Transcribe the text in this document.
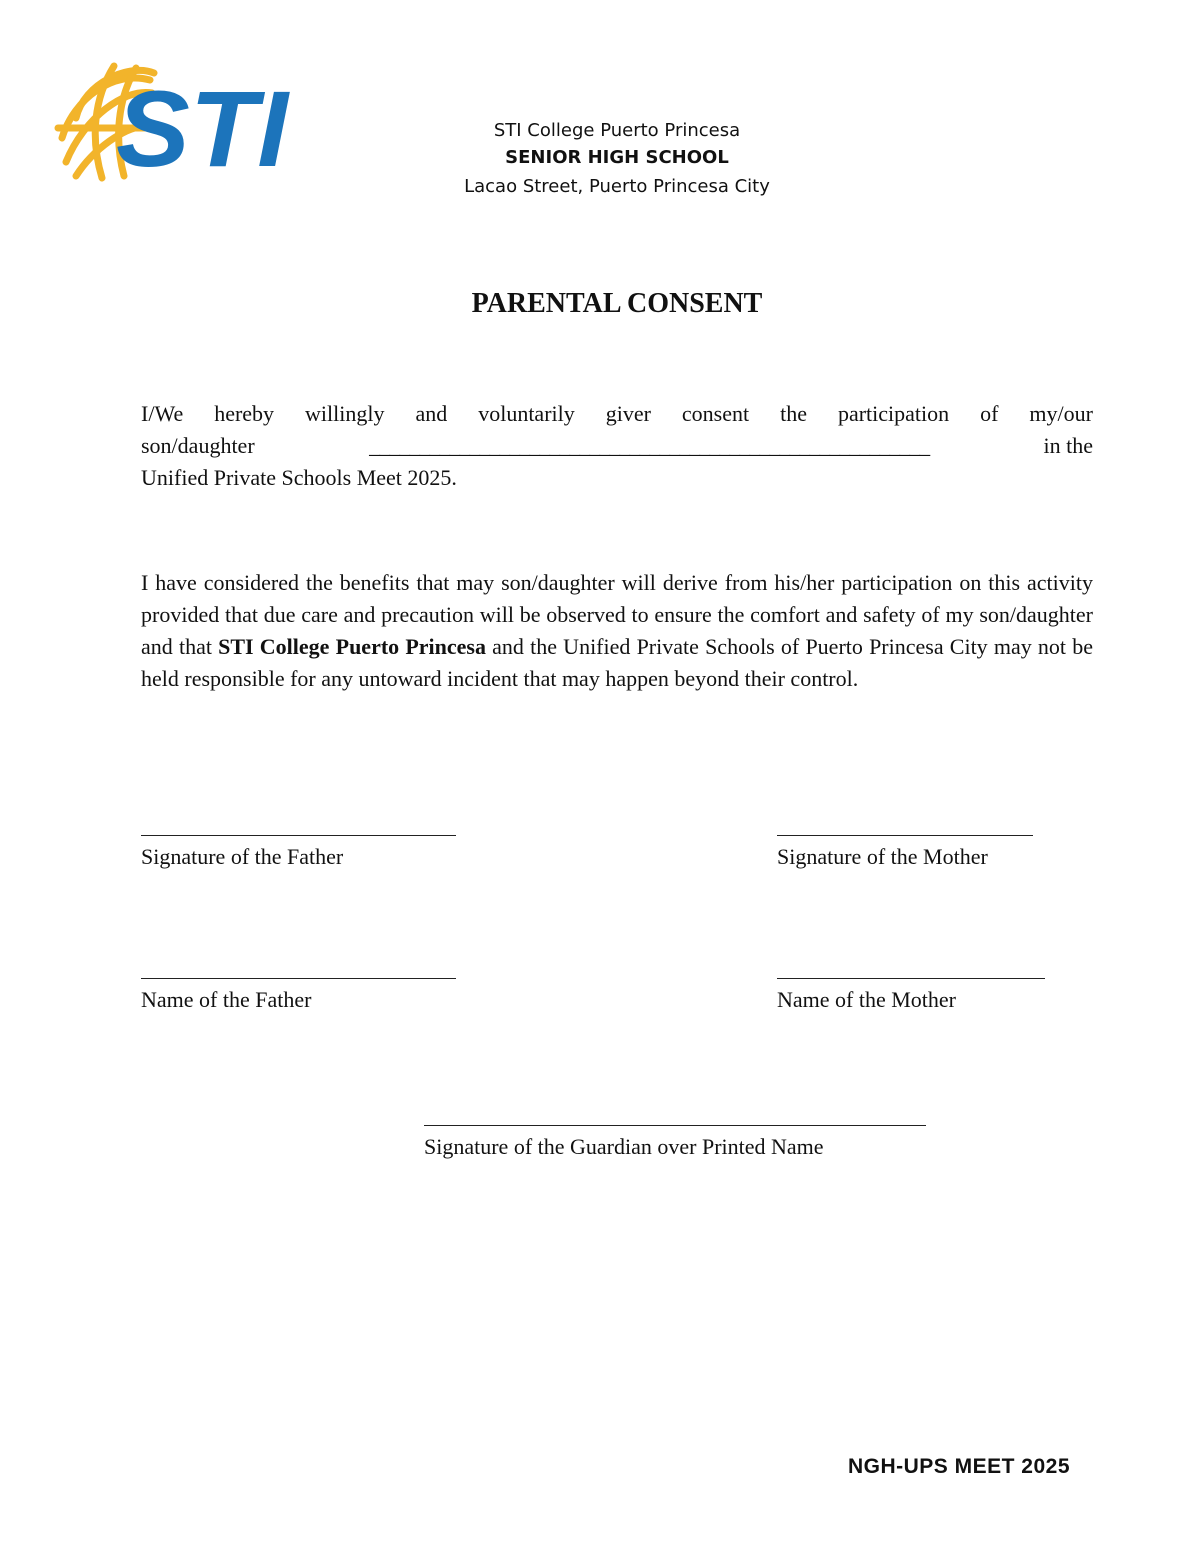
STI	STI College Puerto Princesa
SENIOR HIGH SCHOOL
Lacao Street, Puerto Princesa City
PARENTAL CONSENT

I/We hereby willingly and voluntarily giver consent the participation of my/our

son/daughter	________________________________________________________	in the

Unified Private Schools Meet 2025.

I have considered the benefits that may son/daughter will derive from his/her participation on this activity provided that due care and precaution will be observed to ensure the comfort and safety of my son/daughter and that STI College Puerto Princesa and the Unified Private Schools of Puerto Princesa City may not be held responsible for any untoward incident that may happen beyond their control.

Signature of the Father	Signature of the Mother
Name of the Father	Name of the Mother
Signature of the Guardian over Printed Name
NGH-UPS MEET 2025
